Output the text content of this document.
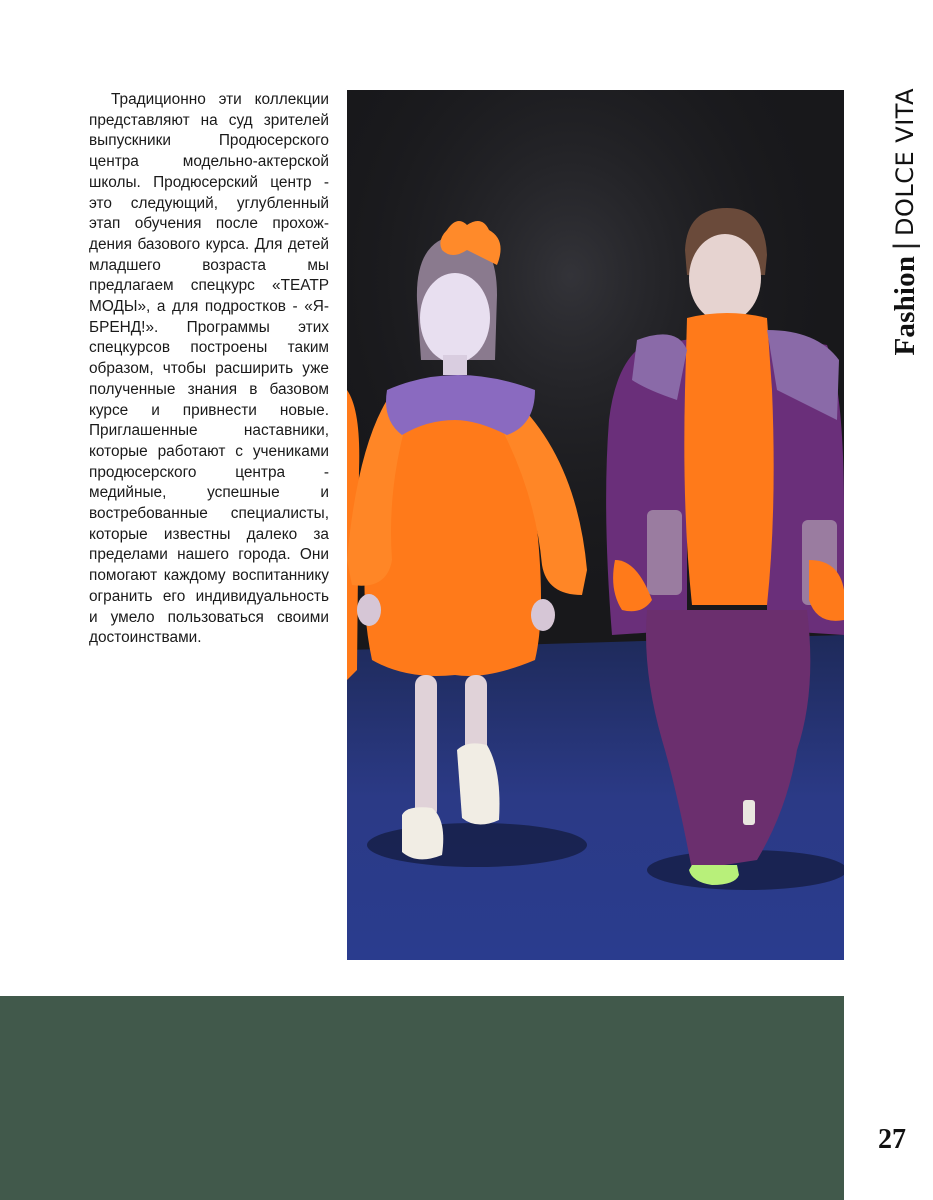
Традиционно эти коллекции представляют на суд зрителей выпускники Продюсерского центра модельно-актерской школы. Продюсерский центр - это следующий, углубленный этап обучения после прохождения базового курса. Для детей младшего возраста мы предлагаем спецкурс «ТЕАТР МОДЫ», а для подростков - «Я-БРЕНД!». Программы этих спецкурсов построены таким образом, чтобы расширить уже полученные знания в базовом курсе и привнести новые. Приглашенные наставники, которые работают с учениками продюсерского центра - медийные, успешные и востребованные специалисты, которые известны далеко за пределами нашего города. Они помогают каждому воспитаннику огранить его индивидуальность и умело пользоваться своими достоинствами.

Fashion
|
DOLCE VITA
27
